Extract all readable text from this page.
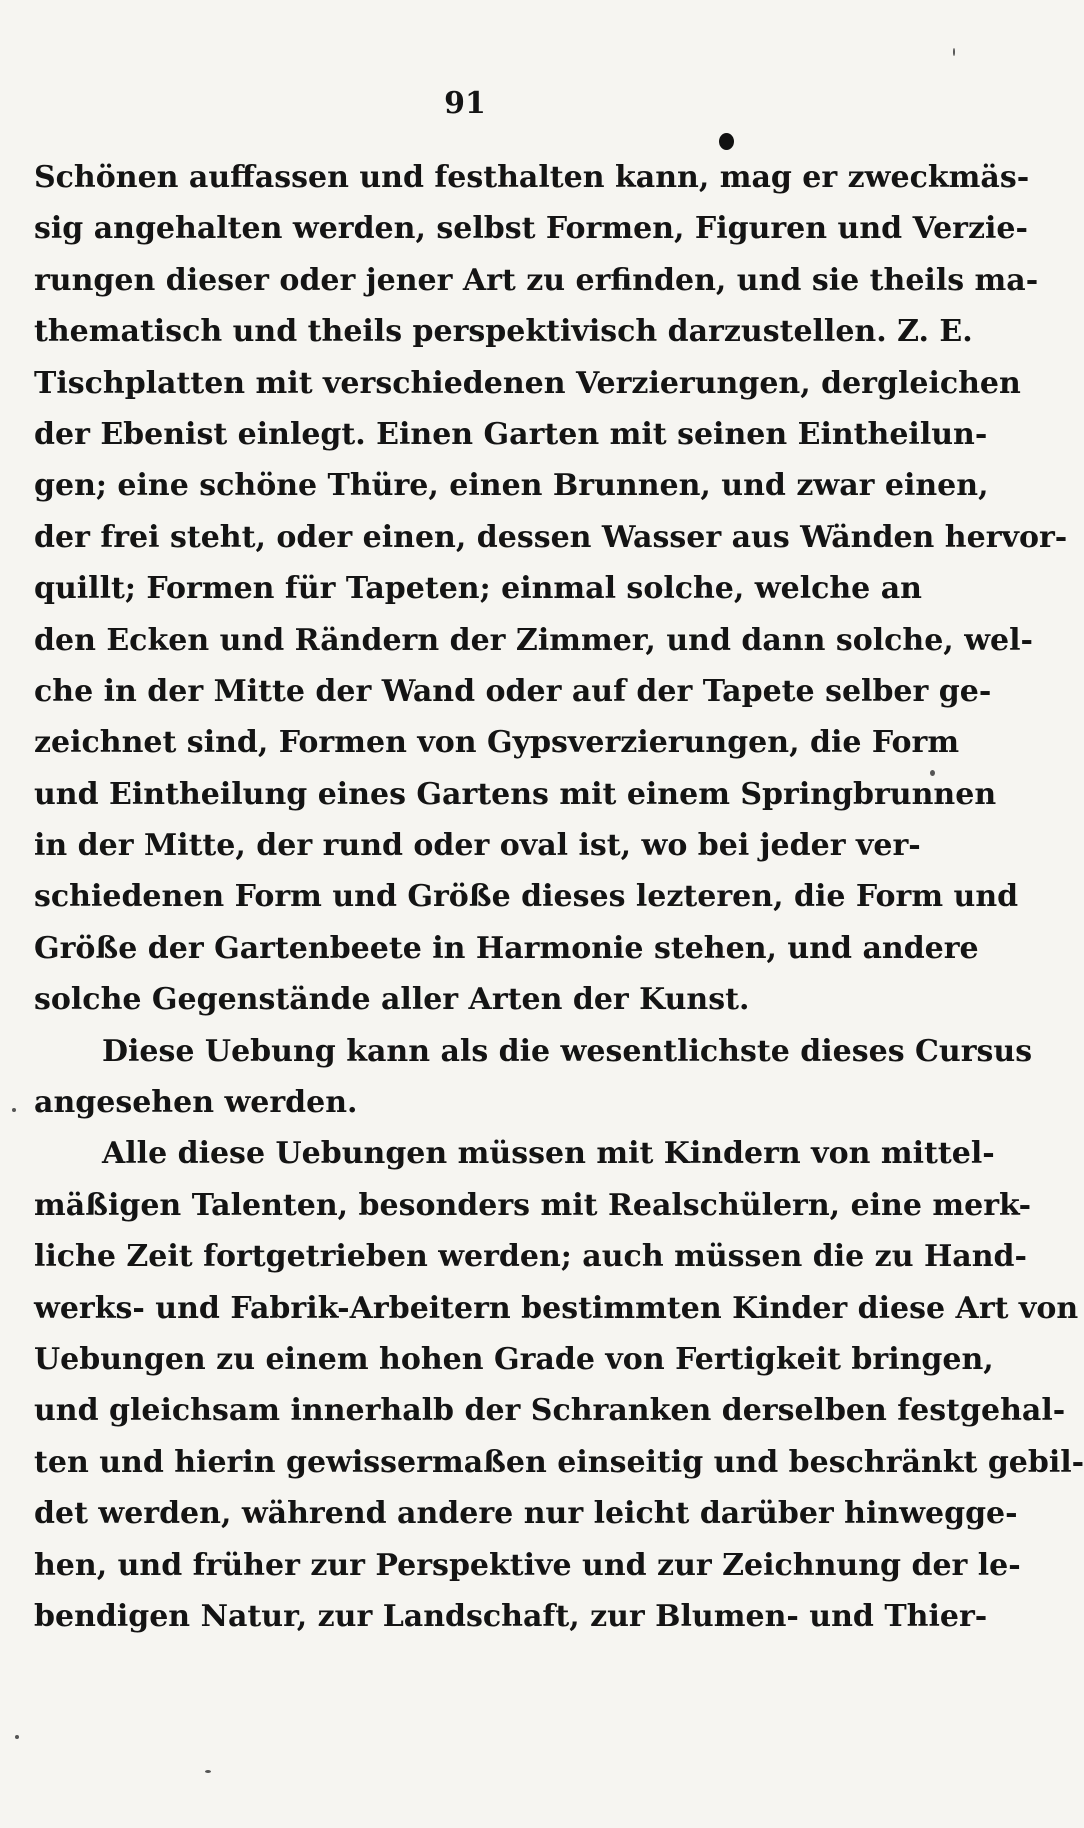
91
Schönen auffassen und festhalten kann, mag er zweckmäs-
sig angehalten werden, selbst Formen, Figuren und Verzie-
rungen dieser oder jener Art zu erfinden, und sie theils ma-
thematisch und theils perspektivisch darzustellen. Z. E.
Tischplatten mit verschiedenen Verzierungen, dergleichen
der Ebenist einlegt. Einen Garten mit seinen Eintheilun-
gen; eine schöne Thüre, einen Brunnen, und zwar einen,
der frei steht, oder einen, dessen Wasser aus Wänden hervor-
quillt; Formen für Tapeten; einmal solche, welche an
den Ecken und Rändern der Zimmer, und dann solche, wel-
che in der Mitte der Wand oder auf der Tapete selber ge-
zeichnet sind, Formen von Gypsverzierungen, die Form
und Eintheilung eines Gartens mit einem Springbrunnen
in der Mitte, der rund oder oval ist, wo bei jeder ver-
schiedenen Form und Größe dieses lezteren, die Form und
Größe der Gartenbeete in Harmonie stehen, und andere
solche Gegenstände aller Arten der Kunst.
Diese Uebung kann als die wesentlichste dieses Cursus
angesehen werden.
Alle diese Uebungen müssen mit Kindern von mittel-
mäßigen Talenten, besonders mit Realschülern, eine merk-
liche Zeit fortgetrieben werden; auch müssen die zu Hand-
werks- und Fabrik-Arbeitern bestimmten Kinder diese Art von
Uebungen zu einem hohen Grade von Fertigkeit bringen,
und gleichsam innerhalb der Schranken derselben festgehal-
ten und hierin gewissermaßen einseitig und beschränkt gebil-
det werden, während andere nur leicht darüber hinwegge-
hen, und früher zur Perspektive und zur Zeichnung der le-
bendigen Natur, zur Landschaft, zur Blumen- und Thier-
